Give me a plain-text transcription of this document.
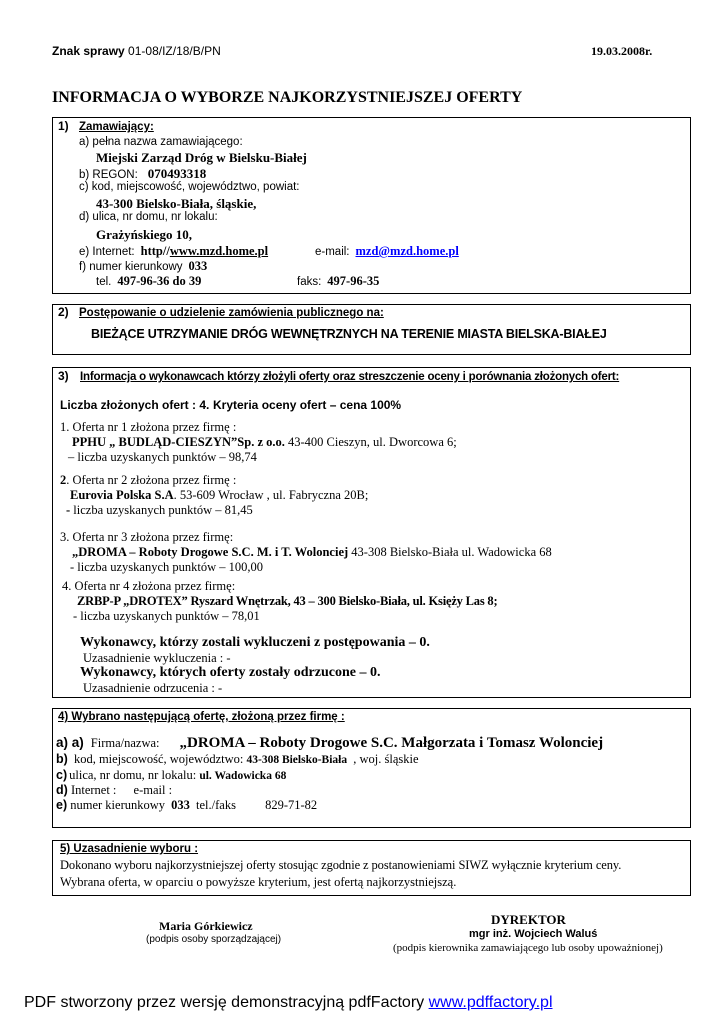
Znak sprawy 01-08/IZ/18/B/PN	19.03.2008r.
INFORMACJA O WYBORZE NAJKORZYSTNIEJSZEJ OFERTY
1) Zamawiający:
a) pełna nazwa zamawiającego:
Miejski Zarząd Dróg w Bielsku-Białej
b) REGON: 070493318
c) kod, miejscowość, województwo, powiat:
43-300 Bielsko-Biała, śląskie,
d) ulica, nr domu, nr lokalu:
Grażyńskiego 10,
e) Internet: http//www.mzd.home.pl	e-mail: mzd@mzd.home.pl
f) numer kierunkowy 033
tel. 497-96-36 do 39	faks: 497-96-35
2) Postępowanie o udzielenie zamówienia publicznego na:
BIEŻĄCE UTRZYMANIE DRÓG WEWNĘTRZNYCH NA TERENIE MIASTA BIELSKA-BIAŁEJ
3) Informacja o wykonawcach którzy złożyli oferty oraz streszczenie oceny i porównania złożonych ofert:
Liczba złożonych ofert : 4. Kryteria oceny ofert – cena 100%
1. Oferta nr 1 złożona przez firmę :
PPHU „ BUDLĄD-CIESZYN”Sp. z o.o. 43-400 Cieszyn, ul. Dworcowa 6;
– liczba uzyskanych punktów – 98,74
2. Oferta nr 2 złożona przez firmę :
Eurovia Polska S.A. 53-609 Wrocław , ul. Fabryczna 20B;
- liczba uzyskanych punktów – 81,45
3. Oferta nr 3 złożona przez firmę:
„DROMA – Roboty Drogowe S.C. M. i T. Wolonciej 43-308 Bielsko-Biała ul. Wadowicka 68
- liczba uzyskanych punktów – 100,00
4. Oferta nr 4 złożona przez firmę:
ZRBP-P „DROTEX” Ryszard Wnętrzak, 43 – 300 Bielsko-Biała, ul. Księży Las 8;
- liczba uzyskanych punktów – 78,01
Wykonawcy, którzy zostali wykluczeni z postępowania – 0.
Uzasadnienie wykluczenia : -
Wykonawcy, których oferty zostały odrzucone – 0.
Uzasadnienie odrzucenia : -
4) Wybrano następującą ofertę, złożoną przez firmę :
a) a) Firma/nazwa: „DROMA – Roboty Drogowe S.C. Małgorzata i Tomasz Wolonciej
b) kod, miejscowość, województwo: 43-308 Bielsko-Biała , woj. śląskie
c) ulica, nr domu, nr lokalu: ul. Wadowicka 68
d) Internet : e-mail :
e) numer kierunkowy 033 tel./faks 829-71-82
5) Uzasadnienie wyboru :
Dokonano wyboru najkorzystniejszej oferty stosując zgodnie z postanowieniami SIWZ wyłącznie kryterium ceny.
Wybrana oferta, w oparciu o powyższe kryterium, jest ofertą najkorzystniejszą.
Maria Górkiewicz
(podpis osoby sporządzającej)
DYREKTOR
mgr inż. Wojciech Waluś
(podpis kierownika zamawiającego lub osoby upoważnionej)
PDF stworzony przez wersję demonstracyjną pdfFactory www.pdffactory.pl
